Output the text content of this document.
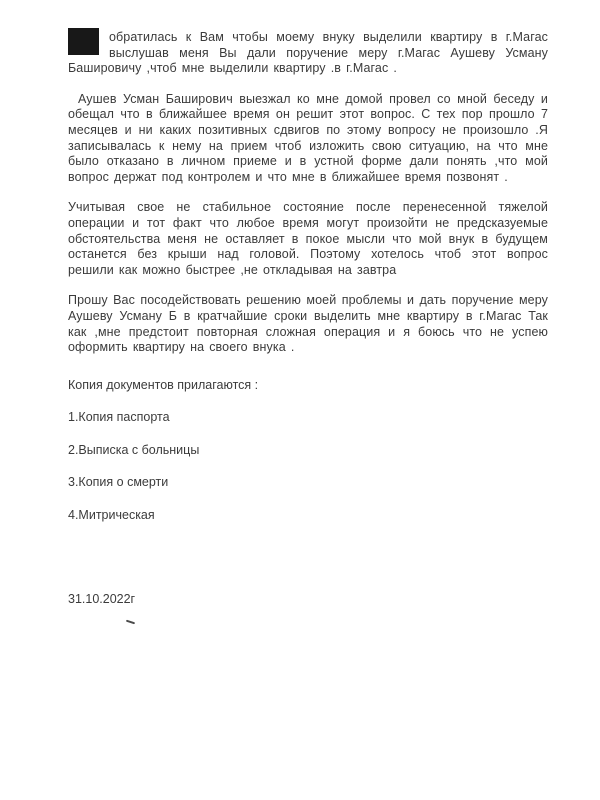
обратилась к Вам чтобы моему внуку выделили квартиру в г.Магас выслушав меня Вы дали поручение меру г.Магас Аушеву Усману Башировичу ,чтоб мне выделили квартиру .в г.Магас .

Аушев Усман Баширович выезжал ко мне домой провел со мной беседу и обещал что в ближайшее время он решит этот вопрос. С тех пор прошло 7 месяцев и ни каких позитивных сдвигов по этому вопросу не произошло .Я записывалась к нему на прием чтоб изложить свою ситуацию, на что мне было отказано в личном приеме и в устной форме дали понять ,что мой вопрос держат под контролем и что мне в ближайшее время позвонят .

Учитывая свое не стабильное состояние после перенесенной тяжелой операции и тот факт что любое время могут произойти не предсказуемые обстоятельства меня не оставляет в покое мысли что мой внук в будущем останется без крыши над головой. Поэтому хотелось чтоб этот вопрос решили как можно быстрее ,не откладывая на завтра

Прошу Вас посодействовать решению моей проблемы и дать поручение меру Аушеву Усману Б в кратчайшие сроки выделить мне квартиру в г.Магас Так как ,мне предстоит повторная сложная операция и я боюсь что не успею оформить квартиру на своего внука .

Копия документов прилагаются :

1.Копия паспорта

2.Выписка с больницы

3.Копия о смерти

4.Митрическая

31.10.2022г
